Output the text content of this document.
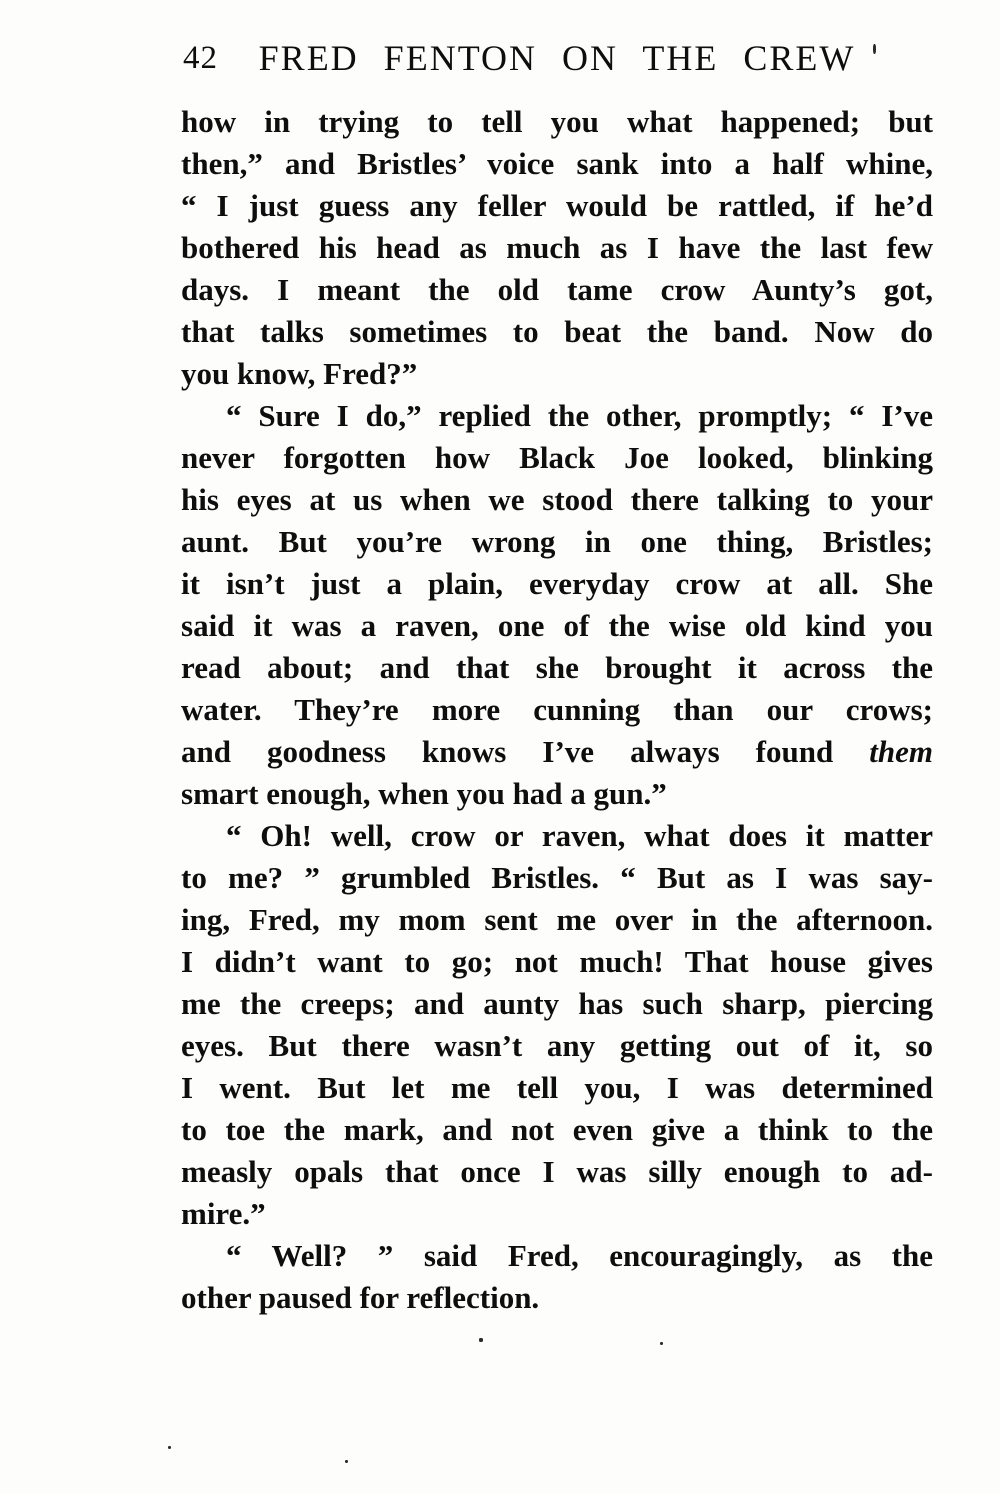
42	FRED FENTON ON THE CREW
how in trying to tell you what happened; but
then,” and Bristles’ voice sank into a half whine,
“ I just guess any feller would be rattled, if he’d
bothered his head as much as I have the last few
days. I meant the old tame crow Aunty’s got,
that talks sometimes to beat the band. Now do
you know, Fred?”
“ Sure I do,” replied the other, promptly; “ I’ve
never forgotten how Black Joe looked, blinking
his eyes at us when we stood there talking to your
aunt. But you’re wrong in one thing, Bristles;
it isn’t just a plain, everyday crow at all. She
said it was a raven, one of the wise old kind you
read about; and that she brought it across the
water. They’re more cunning than our crows;
and goodness knows I’ve always found them
smart enough, when you had a gun.”
“ Oh! well, crow or raven, what does it matter
to me? ” grumbled Bristles. “ But as I was say-
ing, Fred, my mom sent me over in the afternoon.
I didn’t want to go; not much! That house gives
me the creeps; and aunty has such sharp, piercing
eyes. But there wasn’t any getting out of it, so
I went. But let me tell you, I was determined
to toe the mark, and not even give a think to the
measly opals that once I was silly enough to ad-
mire.”
“ Well? ” said Fred, encouragingly, as the
other paused for reflection.
